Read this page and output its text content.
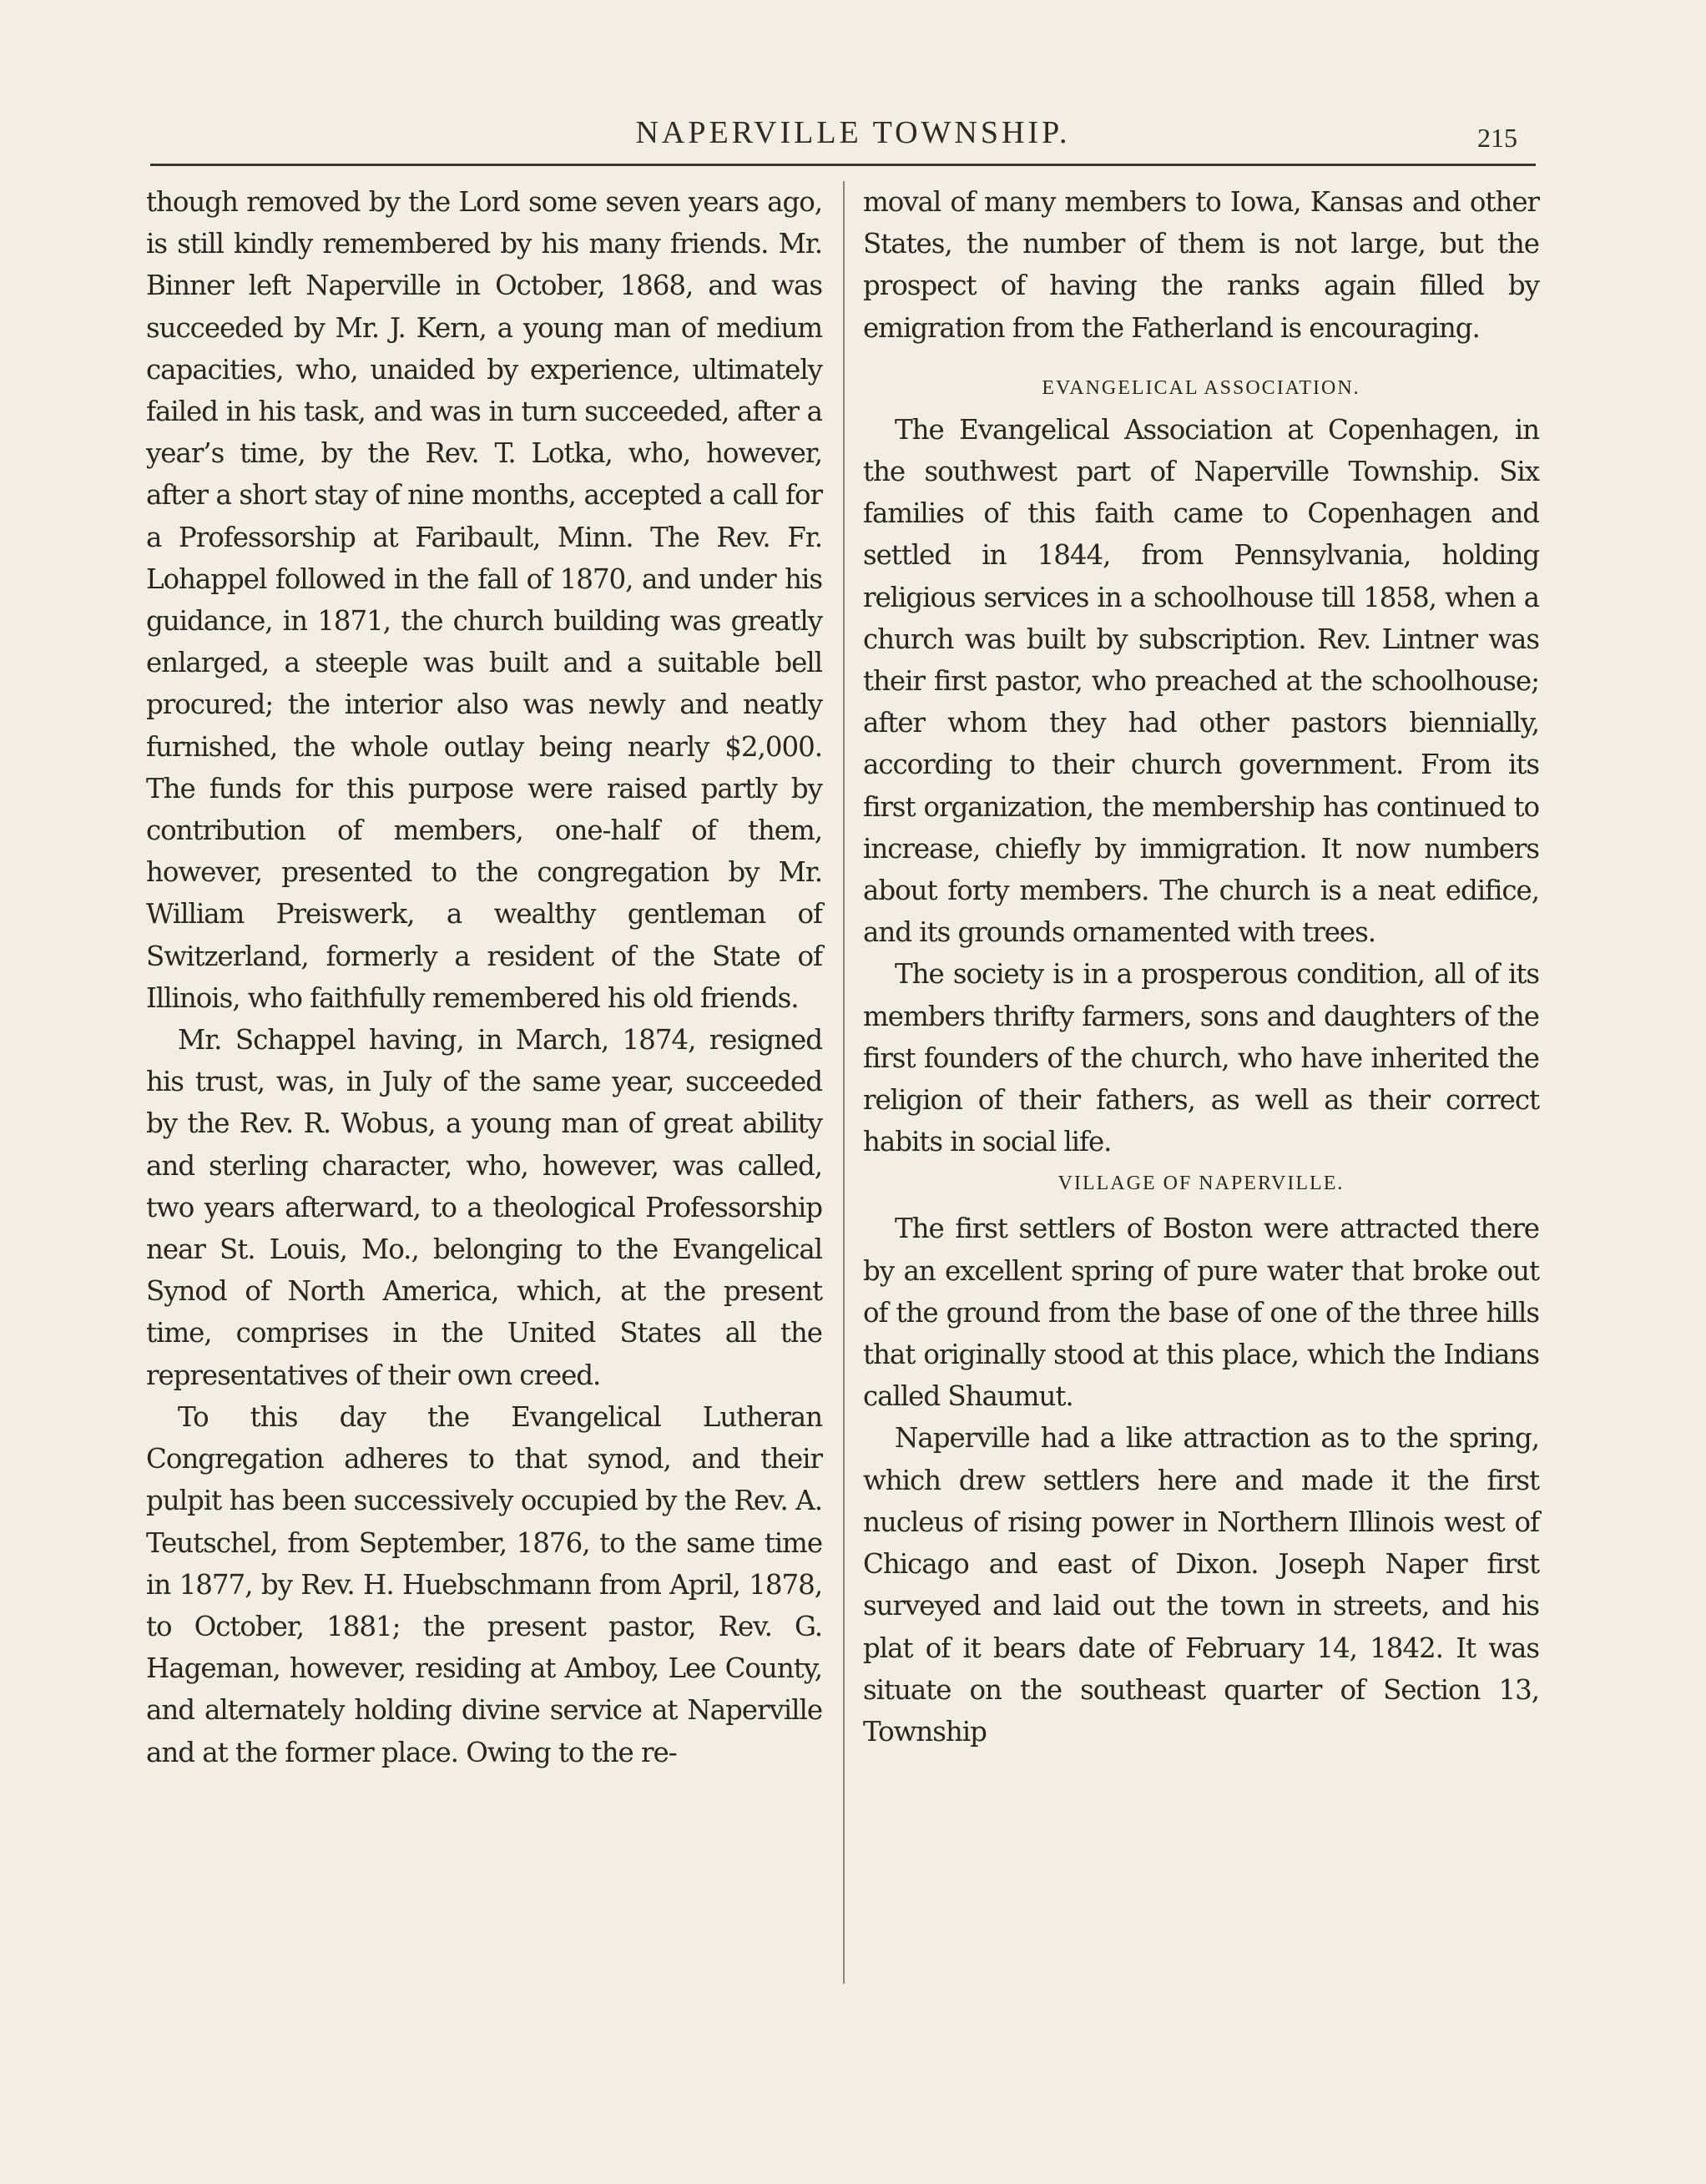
NAPERVILLE TOWNSHIP.	215

though removed by the Lord some seven years ago, is still kindly remembered by his many friends. Mr. Binner left Naperville in October, 1868, and was succeeded by Mr. J. Kern, a young man of medium capacities, who, unaided by experience, ultimately failed in his task, and was in turn succeeded, after a year’s time, by the Rev. T. Lotka, who, however, after a short stay of nine months, accepted a call for a Professorship at Faribault, Minn. The Rev. Fr. Lohappel followed in the fall of 1870, and under his guidance, in 1871, the church building was greatly enlarged, a steeple was built and a suitable bell procured; the interior also was newly and neatly furnished, the whole outlay being nearly $2,000. The funds for this purpose were raised partly by contribution of members, one-half of them, however, presented to the congregation by Mr. William Preiswerk, a wealthy gentleman of Switzerland, formerly a resident of the State of Illinois, who faithfully remembered his old friends.

Mr. Schappel having, in March, 1874, resigned his trust, was, in July of the same year, succeeded by the Rev. R. Wobus, a young man of great ability and sterling character, who, however, was called, two years afterward, to a theological Professorship near St. Louis, Mo., belonging to the Evangelical Synod of North America, which, at the present time, comprises in the United States all the representatives of their own creed.

To this day the Evangelical Lutheran Congregation adheres to that synod, and their pulpit has been successively occupied by the Rev. A. Teutschel, from September, 1876, to the same time in 1877, by Rev. H. Huebschmann from April, 1878, to October, 1881; the present pastor, Rev. G. Hageman, however, residing at Amboy, Lee County, and alternately holding divine service at Naperville and at the former place. Owing to the re-

moval of many members to Iowa, Kansas and other States, the number of them is not large, but the prospect of having the ranks again filled by emigration from the Fatherland is encouraging.

EVANGELICAL ASSOCIATION.

The Evangelical Association at Copenhagen, in the southwest part of Naperville Township. Six families of this faith came to Copenhagen and settled in 1844, from Pennsylvania, holding religious services in a schoolhouse till 1858, when a church was built by subscription. Rev. Lintner was their first pastor, who preached at the schoolhouse; after whom they had other pastors biennially, according to their church government. From its first organization, the membership has continued to increase, chiefly by immigration. It now numbers about forty members. The church is a neat edifice, and its grounds ornamented with trees.

The society is in a prosperous condition, all of its members thrifty farmers, sons and daughters of the first founders of the church, who have inherited the religion of their fathers, as well as their correct habits in social life.

VILLAGE OF NAPERVILLE.

The first settlers of Boston were attracted there by an excellent spring of pure water that broke out of the ground from the base of one of the three hills that originally stood at this place, which the Indians called Shaumut.

Naperville had a like attraction as to the spring, which drew settlers here and made it the first nucleus of rising power in Northern Illinois west of Chicago and east of Dixon. Joseph Naper first surveyed and laid out the town in streets, and his plat of it bears date of February 14, 1842. It was situate on the southeast quarter of Section 13, Township
